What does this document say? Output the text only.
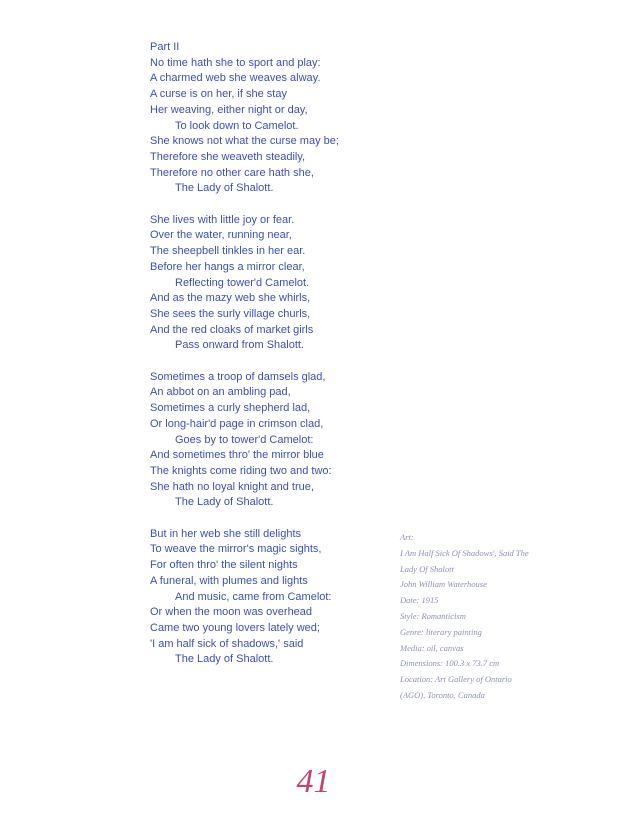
Part II
No time hath she to sport and play:
A charmed web she weaves alway.
A curse is on her, if she stay
Her weaving, either night or day,
To look down to Camelot.
She knows not what the curse may be;
Therefore she weaveth steadily,
Therefore no other care hath she,
The Lady of Shalott.
She lives with little joy or fear.
Over the water, running near,
The sheepbell tinkles in her ear.
Before her hangs a mirror clear,
Reflecting tower'd Camelot.
And as the mazy web she whirls,
She sees the surly village churls,
And the red cloaks of market girls
Pass onward from Shalott.
Sometimes a troop of damsels glad,
An abbot on an ambling pad,
Sometimes a curly shepherd lad,
Or long-hair'd page in crimson clad,
Goes by to tower'd Camelot:
And sometimes thro' the mirror blue
The knights come riding two and two:
She hath no loyal knight and true,
The Lady of Shalott.
But in her web she still delights
To weave the mirror's magic sights,
For often thro' the silent nights
A funeral, with plumes and lights
And music, came from Camelot:
Or when the moon was overhead
Came two young lovers lately wed;
'I am half sick of shadows,' said
The Lady of Shalott.
Art:
I Am Half Sick Of Shadows', Said The
Lady Of Shalott
John William Waterhouse
Date: 1915
Style: Romanticism
Genre: literary painting
Media: oil, canvas
Dimensions: 100.3 x 73.7 cm
Location: Art Gallery of Ontario
(AGO), Toronto, Canada
41
